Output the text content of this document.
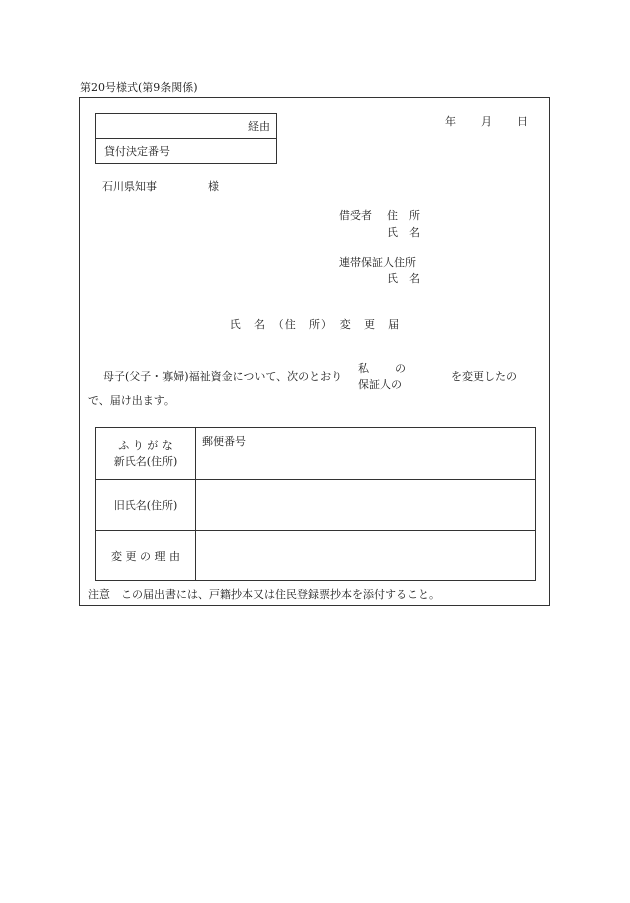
第20号様式(第9条関係)
経由
貸付決定番号
年 月 日
石川県知事	様
借受者 住　所
氏　名
連帯保証人住所
氏　名
氏　名　（住　所）　変　更　届
母子(父子・寡婦)福祉資金について、次のとおり
私 の
保証人の
を変更したの
で、届け出ます。
ふ り が な
新氏名(住所)
郵便番号
旧氏名(住所)
変 更 の 理 由
注意　この届出書には、戸籍抄本又は住民登録票抄本を添付すること。
